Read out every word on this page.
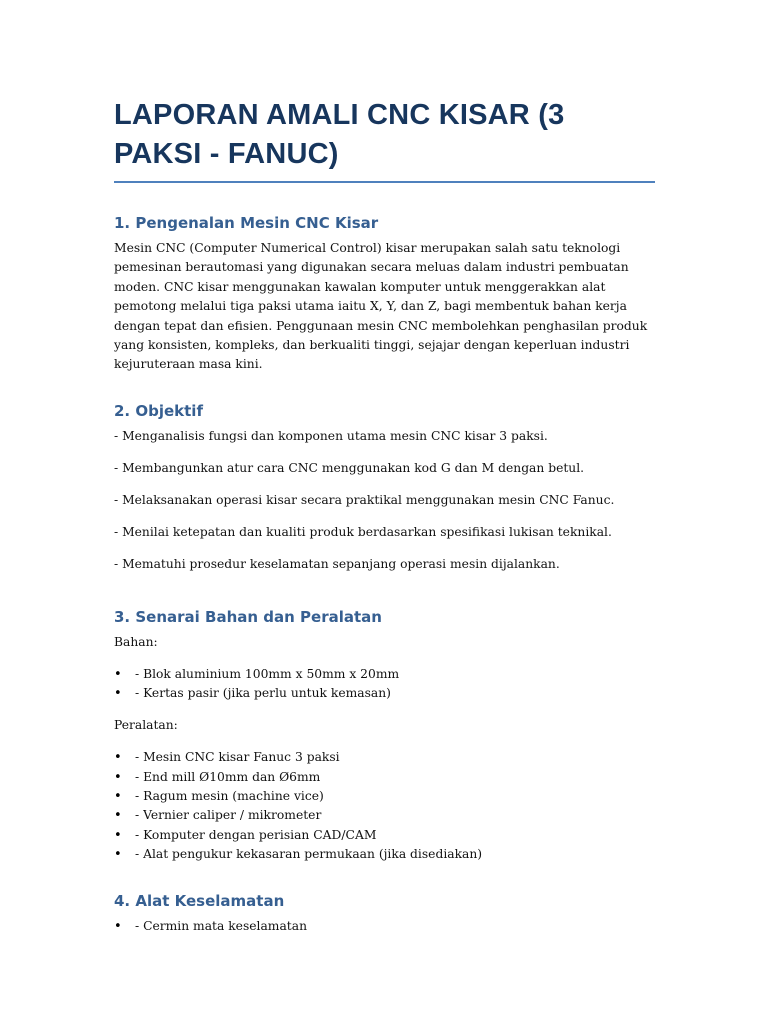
LAPORAN AMALI CNC KISAR (3 PAKSI - FANUC)
1. Pengenalan Mesin CNC Kisar

Mesin CNC (Computer Numerical Control) kisar merupakan salah satu teknologi pemesinan berautomasi yang digunakan secara meluas dalam industri pembuatan moden. CNC kisar menggunakan kawalan komputer untuk menggerakkan alat pemotong melalui tiga paksi utama iaitu X, Y, dan Z, bagi membentuk bahan kerja dengan tepat dan efisien. Penggunaan mesin CNC membolehkan penghasilan produk yang konsisten, kompleks, dan berkualiti tinggi, sejajar dengan keperluan industri kejuruteraan masa kini.

2. Objektif

- Menganalisis fungsi dan komponen utama mesin CNC kisar 3 paksi.

- Membangunkan atur cara CNC menggunakan kod G dan M dengan betul.

- Melaksanakan operasi kisar secara praktikal menggunakan mesin CNC Fanuc.

- Menilai ketepatan dan kualiti produk berdasarkan spesifikasi lukisan teknikal.

- Mematuhi prosedur keselamatan sepanjang operasi mesin dijalankan.

3. Senarai Bahan dan Peralatan

Bahan:

• - Blok aluminium 100mm x 50mm x 20mm
• - Kertas pasir (jika perlu untuk kemasan)

Peralatan:

• - Mesin CNC kisar Fanuc 3 paksi
• - End mill Ø10mm dan Ø6mm
• - Ragum mesin (machine vice)
• - Vernier caliper / mikrometer
• - Komputer dengan perisian CAD/CAM
• - Alat pengukur kekasaran permukaan (jika disediakan)
4. Alat Keselamatan
• - Cermin mata keselamatan
